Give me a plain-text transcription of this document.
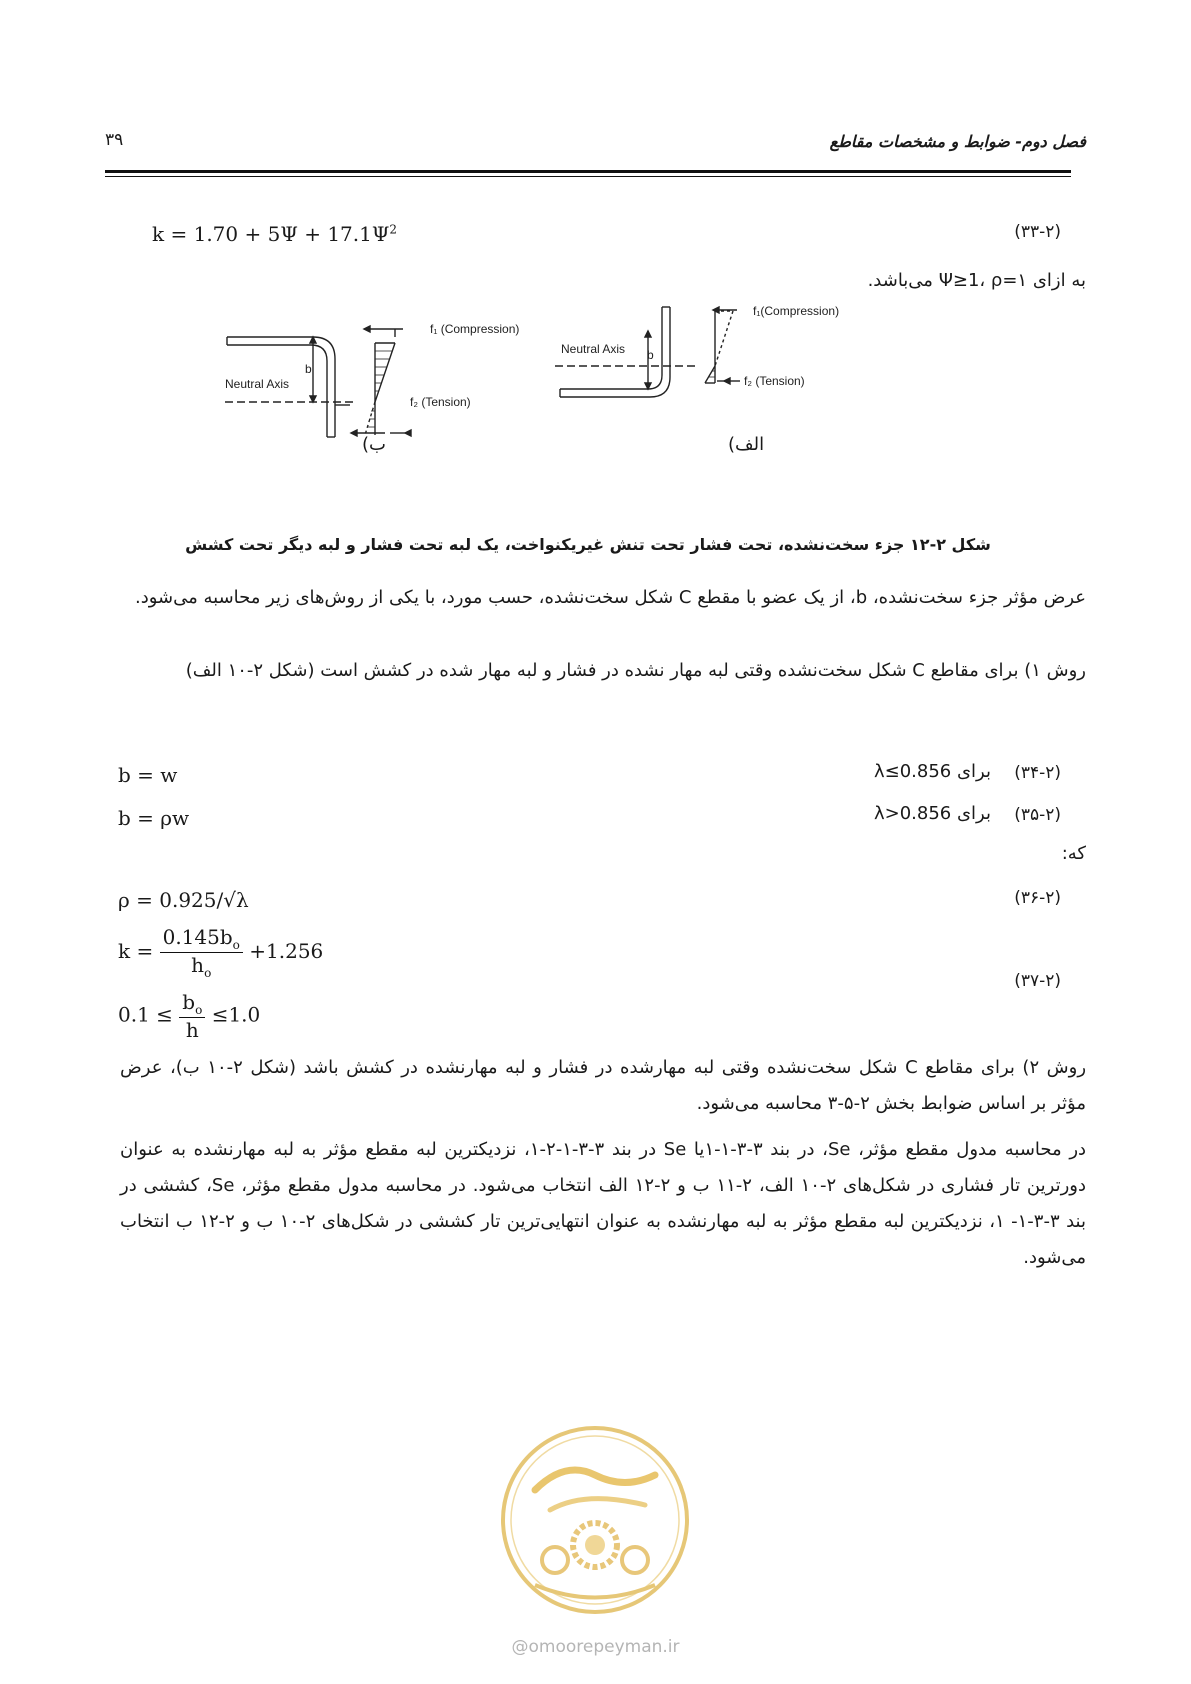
فصل دوم- ضوابط و مشخصات مقاطع
۳۹
(۳۳-۲)
$k = 1.70 + 5\Psi + 17.1\Psi^2$
به ازای Ψ≥1، ρ=۱ می‌باشد.
b
Neutral Axis
f₁ (Compression)
f₂ (Tension)
b
Neutral Axis
f₁(Compression)
f₂ (Tension)
ب)	الف)
شکل ۲-۱۲ جزء سخت‌نشده، تحت فشار تحت تنش غیریکنواخت، یک لبه تحت فشار و لبه دیگر تحت کشش
عرض مؤثر جزء سخت‌نشده، b، از یک عضو با مقطع C شکل سخت‌نشده، حسب مورد، با یکی از روش‌های زیر محاسبه می‌شود.
روش ۱) برای مقاطع C شکل سخت‌نشده وقتی لبه مهار نشده در فشار و لبه مهار شده در کشش است (شکل ۲-۱۰ الف)
(۳۴-۲)
برای λ≤0.856
b = w
(۳۵-۲)
برای λ>0.856
b = ρw
که:
(۳۶-۲)
ρ = 0.925/√λ
(۳۷-۲)
$k = \frac{0.145b_o}{h_o} +1.256$
$0.1 \le \frac{b_o}{h} \le 1.0$
روش ۲) برای مقاطع C شکل سخت‌نشده وقتی لبه مهارشده در فشار و لبه مهارنشده در کشش باشد (شکل ۲-۱۰ ب)، عرض مؤثر بر اساس ضوابط بخش ۲-۵-۳ محاسبه می‌شود.
در محاسبه مدول مقطع مؤثر، Se، در بند ۳-۳-۱-۱یا Se در بند ۳-۳-۱-۲-۱، نزدیکترین لبه مقطع مؤثر به لبه مهارنشده به عنوان دورترین تار فشاری در شکل‌های ۲-۱۰ الف، ۲-۱۱ ب و ۲-۱۲ الف انتخاب می‌شود. در محاسبه مدول مقطع مؤثر، Se، کششی در بند ۳-۳-۱- ۱، نزدیکترین لبه مقطع مؤثر به لبه مهارنشده به عنوان انتهایی‌ترین تار کششی در شکل‌های ۲-۱۰ ب و ۲-۱۲ ب انتخاب می‌شود.
@omoorepeyman.ir
